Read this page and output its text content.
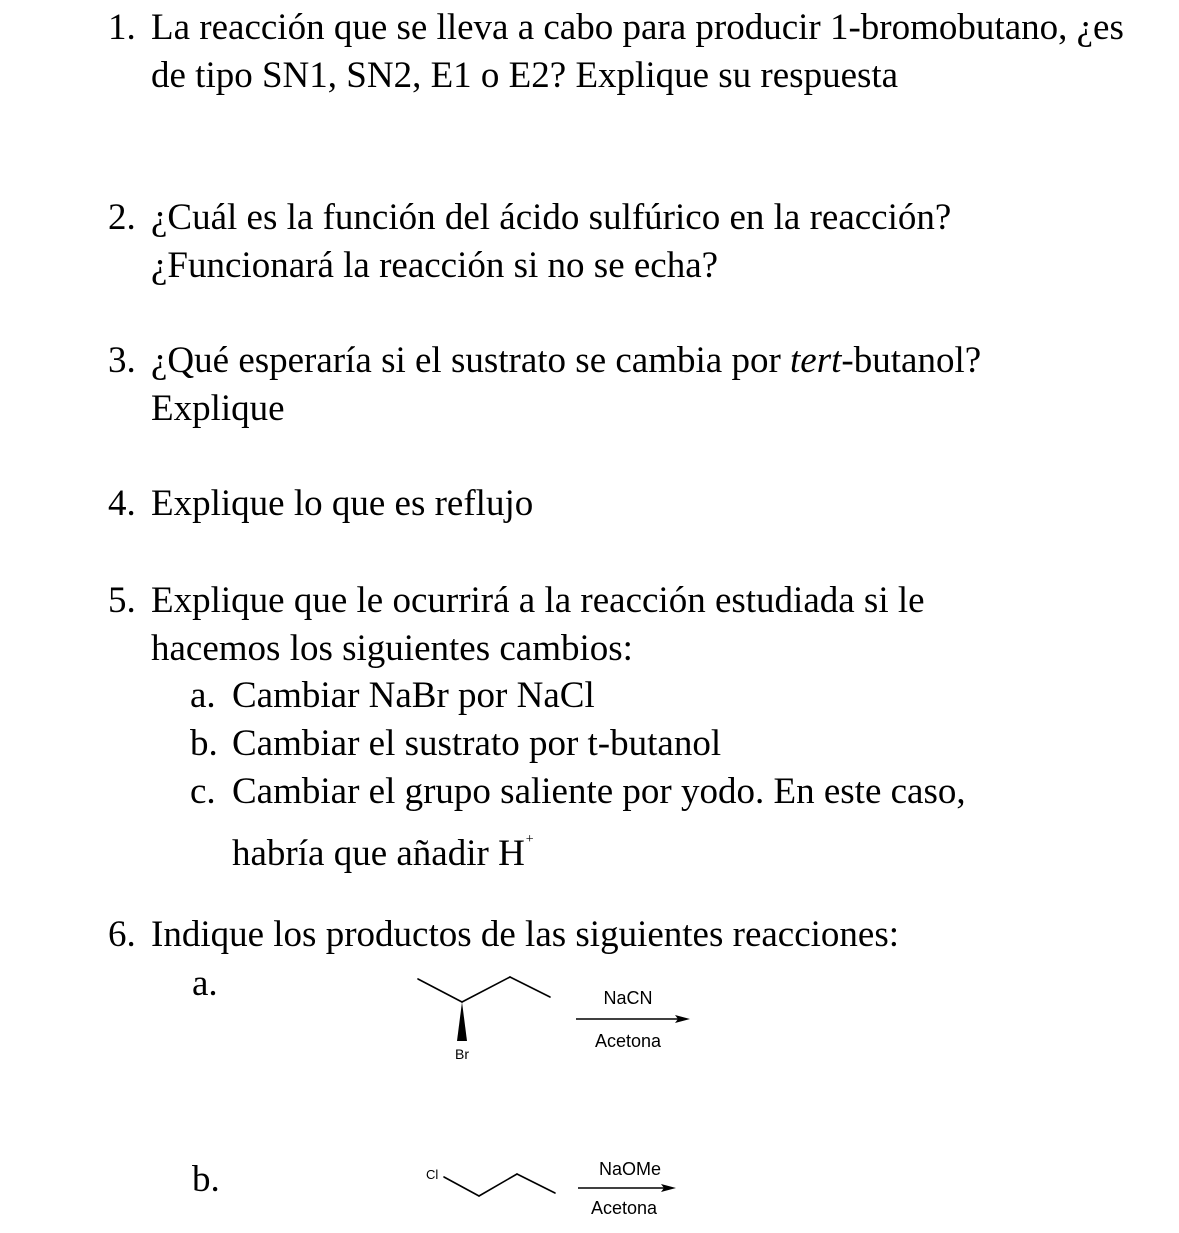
1. La reacción que se lleva a cabo para producir 1-bromobutano, ¿es de tipo SN1, SN2, E1 o E2? Explique su respuesta
2. ¿Cuál es la función del ácido sulfúrico en la reacción? ¿Funcionará la reacción si no se echa?
3. ¿Qué esperaría si el sustrato se cambia por tert-butanol? Explique
4. Explique lo que es reflujo
5. Explique que le ocurrirá a la reacción estudiada si le hacemos los siguientes cambios:
a. Cambiar NaBr por NaCl
b. Cambiar el sustrato por t-butanol
c. Cambiar el grupo saliente por yodo. En este caso, habría que añadir H+
6. Indique los productos de las siguientes reacciones:
a.
b.
Br
NaCN
Acetona
Cl	NaOMe
Acetona
